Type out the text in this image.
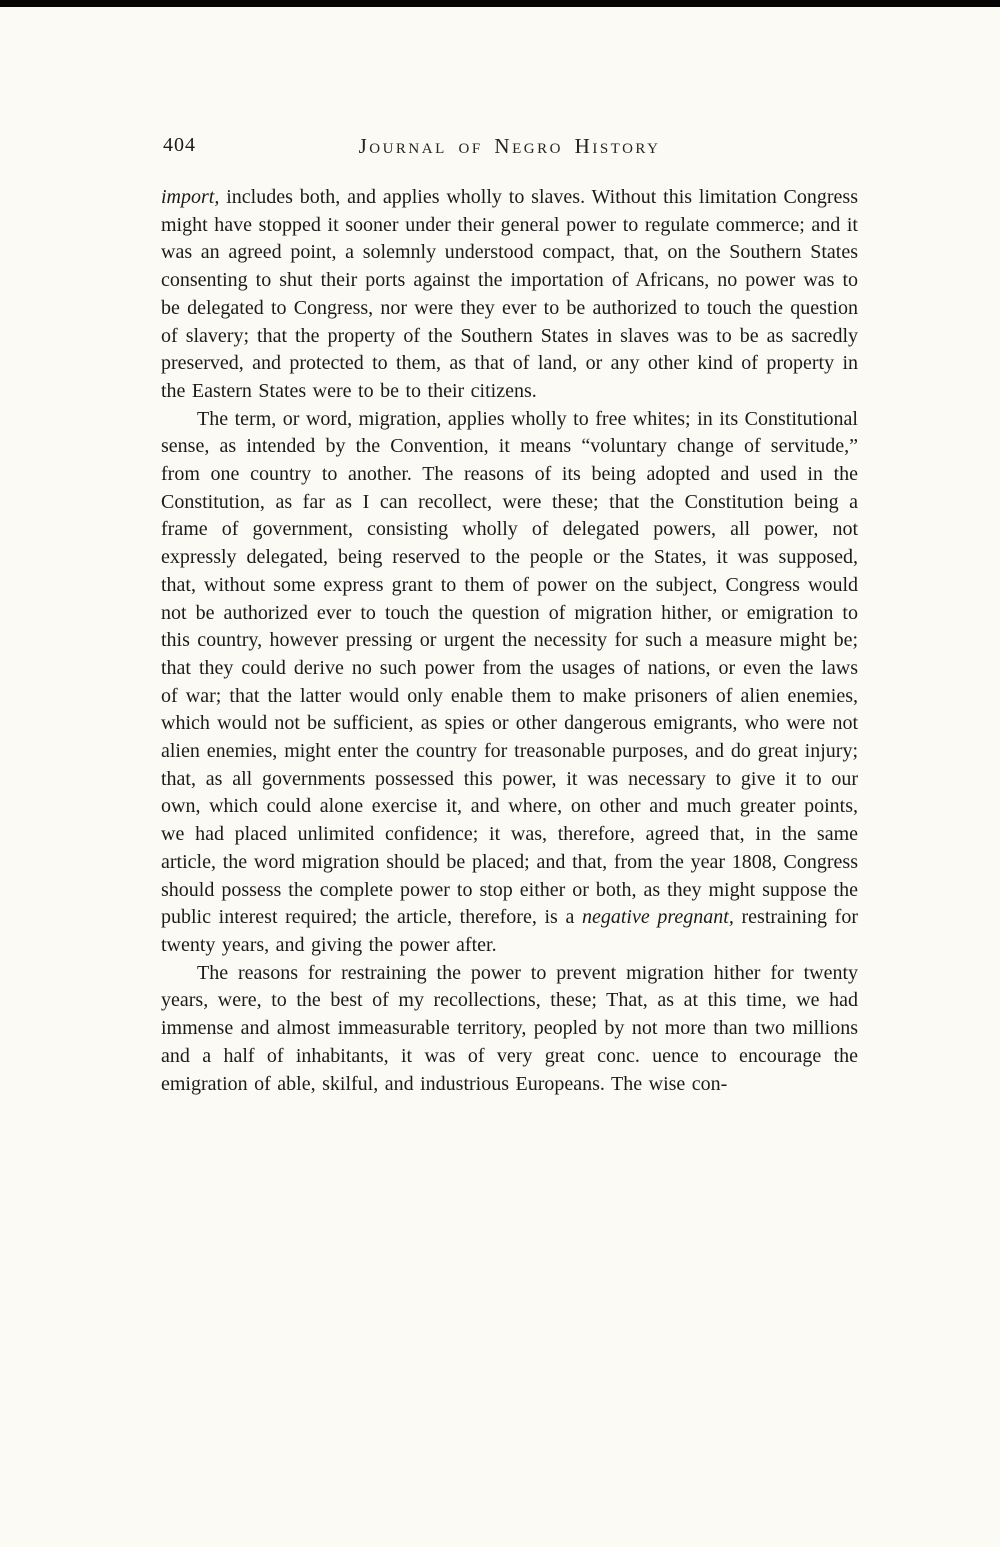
404	Journal of Negro History

import, includes both, and applies wholly to slaves. Without this limitation Congress might have stopped it sooner under their general power to regulate commerce; and it was an agreed point, a solemnly understood compact, that, on the Southern States consenting to shut their ports against the importation of Africans, no power was to be delegated to Congress, nor were they ever to be authorized to touch the question of slavery; that the property of the Southern States in slaves was to be as sacredly preserved, and protected to them, as that of land, or any other kind of property in the Eastern States were to be to their citizens.

The term, or word, migration, applies wholly to free whites; in its Constitutional sense, as intended by the Convention, it means “voluntary change of servitude,” from one country to another. The reasons of its being adopted and used in the Constitution, as far as I can recollect, were these; that the Constitution being a frame of government, consisting wholly of delegated powers, all power, not expressly delegated, being reserved to the people or the States, it was supposed, that, without some express grant to them of power on the subject, Congress would not be authorized ever to touch the question of migration hither, or emigration to this country, however pressing or urgent the necessity for such a measure might be; that they could derive no such power from the usages of nations, or even the laws of war; that the latter would only enable them to make prisoners of alien enemies, which would not be sufficient, as spies or other dangerous emigrants, who were not alien enemies, might enter the country for treasonable purposes, and do great injury; that, as all governments possessed this power, it was necessary to give it to our own, which could alone exercise it, and where, on other and much greater points, we had placed unlimited confidence; it was, therefore, agreed that, in the same article, the word migration should be placed; and that, from the year 1808, Congress should possess the complete power to stop either or both, as they might suppose the public interest required; the article, therefore, is a negative pregnant, restraining for twenty years, and giving the power after.

The reasons for restraining the power to prevent migration hither for twenty years, were, to the best of my recollections, these; That, as at this time, we had immense and almost immeasurable territory, peopled by not more than two millions and a half of inhabitants, it was of very great conc. uence to encourage the emigration of able, skilful, and industrious Europeans. The wise con-
